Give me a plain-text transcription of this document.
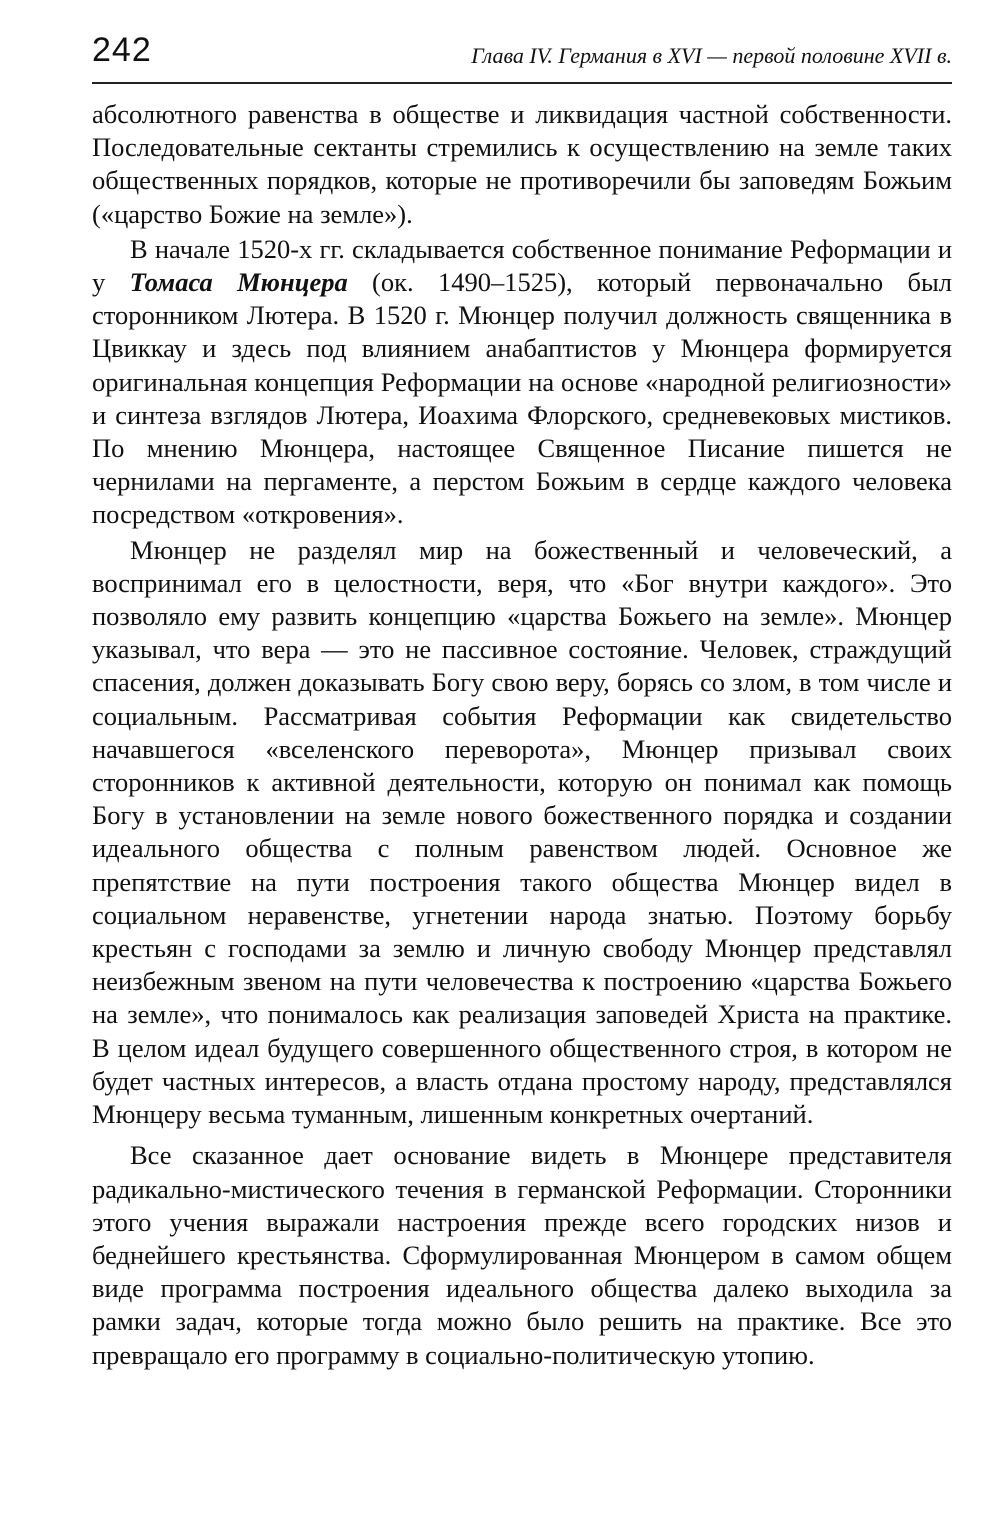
242	Глава IV. Германия в XVI — первой половине XVII в.

абсолютного равенства в обществе и ликвидация частной собственности. Последовательные сектанты стремились к осуществлению на земле таких общественных порядков, которые не противоречили бы заповедям Божьим («царство Божие на земле»).

В начале 1520-х гг. складывается собственное понимание Реформации и у Томаса Мюнцера (ок. 1490–1525), который первоначально был сторонником Лютера. В 1520 г. Мюнцер получил должность священника в Цвиккау и здесь под влиянием анабаптистов у Мюнцера формируется оригинальная концепция Реформации на основе «народной религиозности» и синтеза взглядов Лютера, Иоахима Флорского, средневековых мистиков. По мнению Мюнцера, настоящее Священное Писание пишется не чернилами на пергаменте, а перстом Божьим в сердце каждого человека посредством «откровения».

Мюнцер не разделял мир на божественный и человеческий, а воспринимал его в целостности, веря, что «Бог внутри каждого». Это позволяло ему развить концепцию «царства Божьего на земле». Мюнцер указывал, что вера — это не пассивное состояние. Человек, страждущий спасения, должен доказывать Богу свою веру, борясь со злом, в том числе и социальным. Рассматривая события Реформации как свидетельство начавшегося «вселенского переворота», Мюнцер призывал своих сторонников к активной деятельности, которую он понимал как помощь Богу в установлении на земле нового божественного порядка и создании идеального общества с полным равенством людей. Основное же препятствие на пути построения такого общества Мюнцер видел в социальном неравенстве, угнетении народа знатью. Поэтому борьбу крестьян с господами за землю и личную свободу Мюнцер представлял неизбежным звеном на пути человечества к построению «царства Божьего на земле», что понималось как реализация заповедей Христа на практике. В целом идеал будущего совершенного общественного строя, в котором не будет частных интересов, а власть отдана простому народу, представлялся Мюнцеру весьма туманным, лишенным конкретных очертаний.

Все сказанное дает основание видеть в Мюнцере представителя радикально-мистического течения в германской Реформации. Сторонники этого учения выражали настроения прежде всего городских низов и беднейшего крестьянства. Сформулированная Мюнцером в самом общем виде программа построения идеального общества далеко выходила за рамки задач, которые тогда можно было решить на практике. Все это превращало его программу в социально-политическую утопию.
